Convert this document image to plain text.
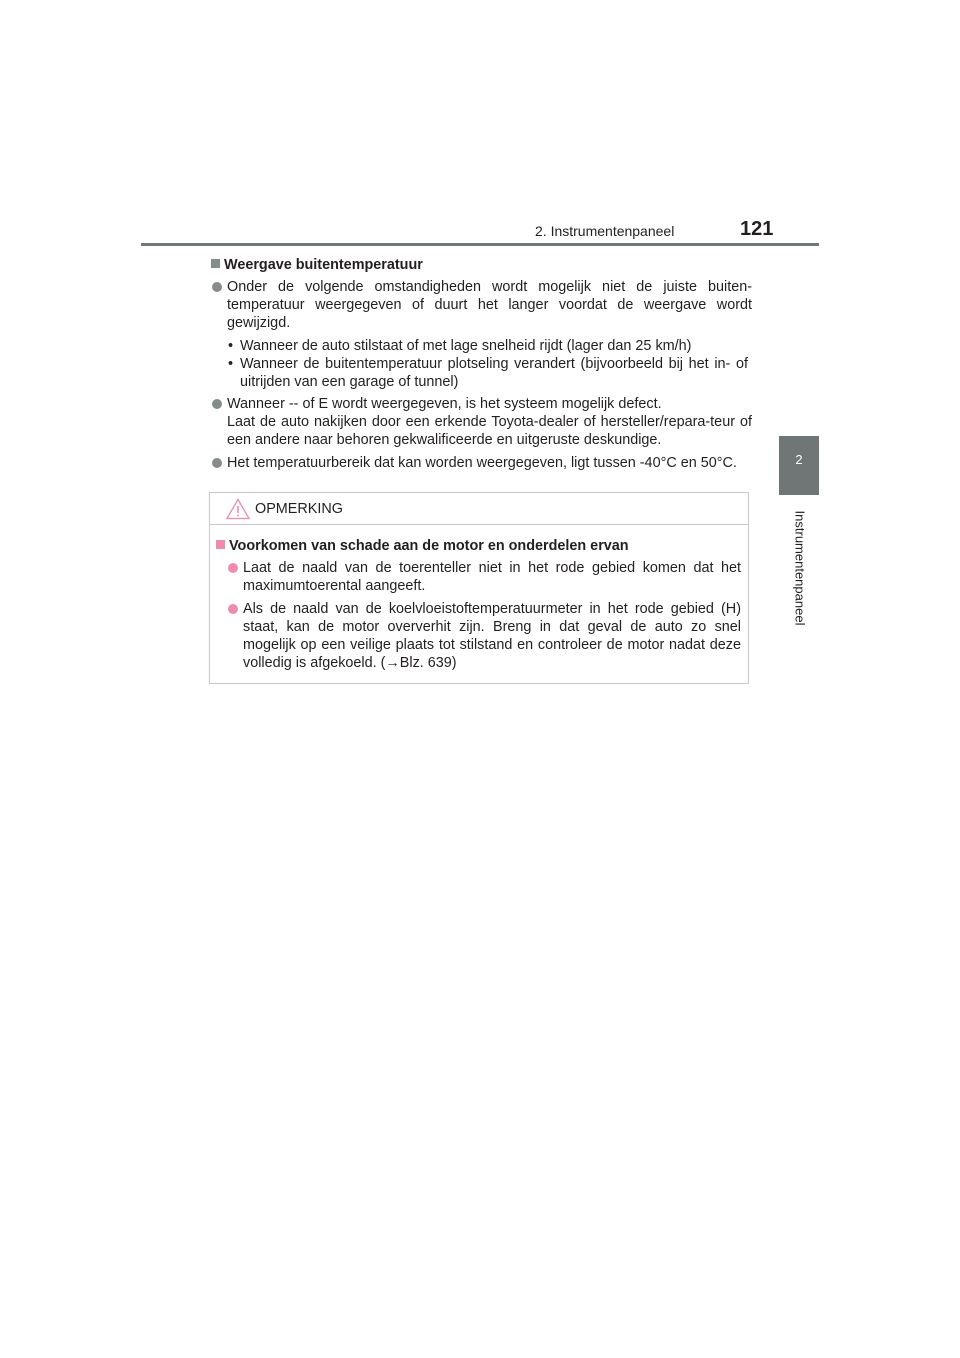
2. Instrumentenpaneel	121
2
Instrumentenpaneel
Weergave buitentemperatuur
Onder de volgende omstandigheden wordt mogelijk niet de juiste buiten-temperatuur weergegeven of duurt het langer voordat de weergave wordt gewijzigd.
• Wanneer de auto stilstaat of met lage snelheid rijdt (lager dan 25 km/h)
• Wanneer de buitentemperatuur plotseling verandert (bijvoorbeeld bij het in- of uitrijden van een garage of tunnel)
Wanneer -- of E wordt weergegeven, is het systeem mogelijk defect.
Laat de auto nakijken door een erkende Toyota-dealer of hersteller/repara-teur of een andere naar behoren gekwalificeerde en uitgeruste deskundige.
Het temperatuurbereik dat kan worden weergegeven, ligt tussen -40°C en 50°C.
OPMERKING
Voorkomen van schade aan de motor en onderdelen ervan
Laat de naald van de toerenteller niet in het rode gebied komen dat het maximumtoerental aangeeft.
Als de naald van de koelvloeistoftemperatuurmeter in het rode gebied (H) staat, kan de motor oververhit zijn. Breng in dat geval de auto zo snel mogelijk op een veilige plaats tot stilstand en controleer de motor nadat deze volledig is afgekoeld. (→Blz. 639)
